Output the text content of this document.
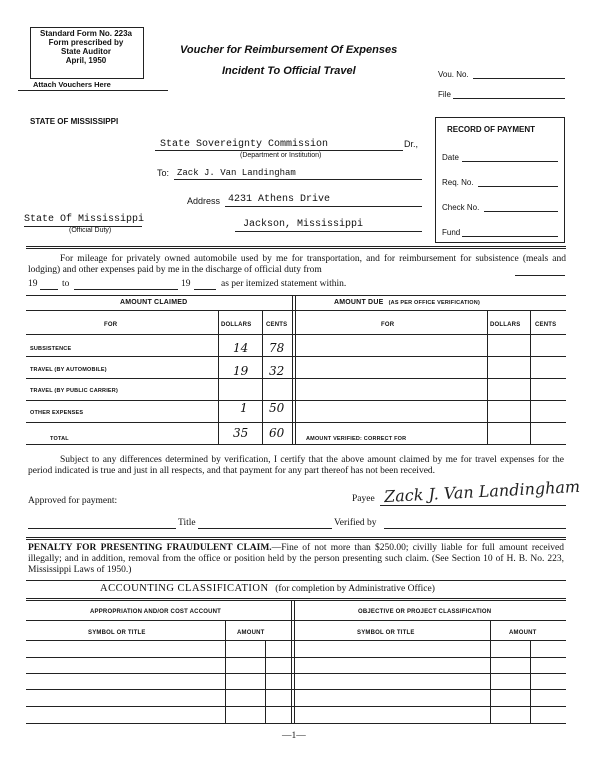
Standard Form No. 223a
Form prescribed by
State Auditor
April, 1950
Attach Vouchers Here
Voucher for Reimbursement Of Expenses
Incident To Official Travel	Vou. No.
File
STATE OF MISSISSIPPI
RECORD OF PAYMENT
Date
Req. No.
Check No.
Fund
State Sovereignty Commission	Dr.,
(Department or Institution)
To: Zack J. Van Landingham
Address 4231 Athens Drive
Jackson, Mississippi
State Of Mississippi
(Official Duty)
For mileage for privately owned automobile used by me for transportation, and for reimbursement for subsistence (meals and lodging) and other expenses paid by me in the discharge of official duty from
19	to	19	as per itemized statement within.
AMOUNT CLAIMED	AMOUNT DUE (AS PER OFFICE VERIFICATION)
FOR	DOLLARS CENTS	FOR	DOLLARS CENTS
SUBSISTENCE	14 78
TRAVEL (BY AUTOMOBILE)	19 32
TRAVEL (BY PUBLIC CARRIER)
OTHER EXPENSES	1 50
TOTAL	35 60	AMOUNT VERIFIED: CORRECT FOR
Subject to any differences determined by verification, I certify that the above amount claimed by me for travel expenses for the period indicated is true and just in all respects, and that payment for any part thereof has not been received.
Approved for payment:	Payee Zack J. Van Landingham
Title	Verified by
PENALTY FOR PRESENTING FRAUDULENT CLAIM.—Fine of not more than $250.00; civilly liable for full amount received illegally; and in addition, removal from the office or position held by the person presenting such claim. (See Section 10 of H. B. No. 223, Mississippi Laws of 1950.)
ACCOUNTING CLASSIFICATION (for completion by Administrative Office)
APPROPRIATION AND/OR COST ACCOUNT	OBJECTIVE OR PROJECT CLASSIFICATION
SYMBOL OR TITLE	AMOUNT	SYMBOL OR TITLE	AMOUNT
—1—
